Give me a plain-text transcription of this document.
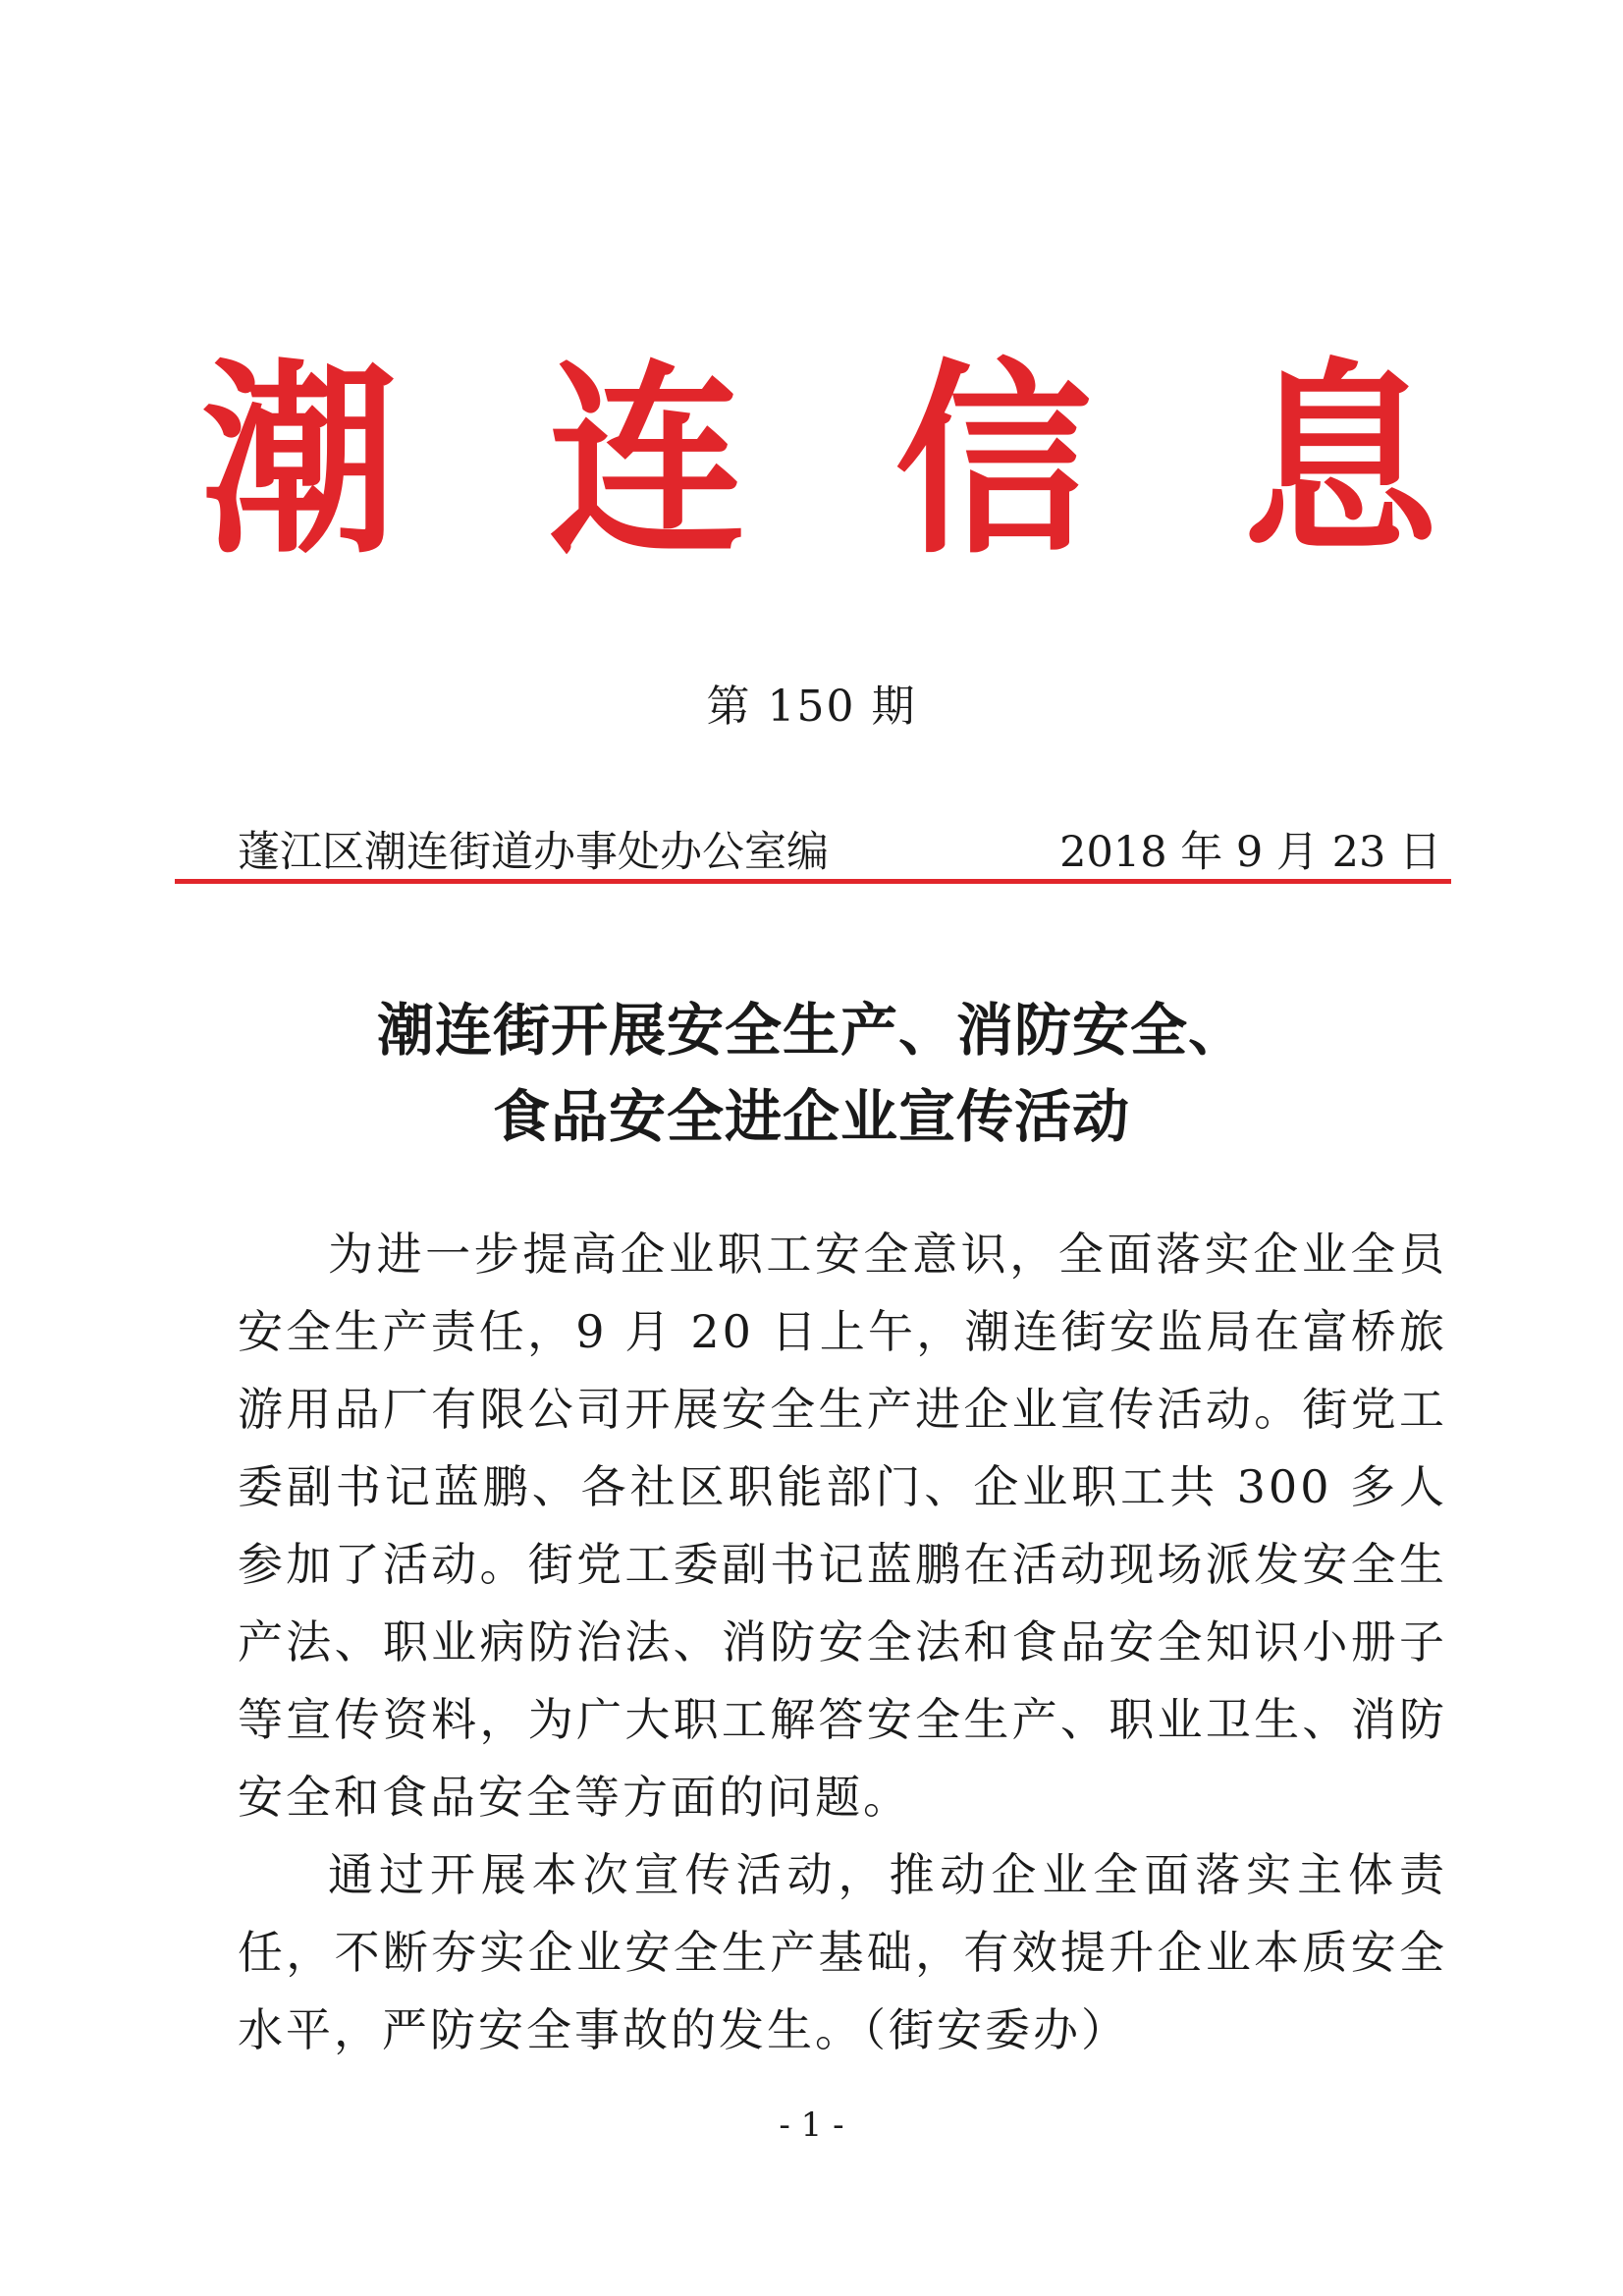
潮 连 信 息
第 150 期
蓬江区潮连街道办事处办公室编	2018 年 9 月 23 日
潮连街开展安全生产、消防安全、
食品安全进企业宣传活动

为进一步提高企业职工安全意识，全面落实企业全员安全生产责任，9 月 20 日上午，潮连街安监局在富桥旅游用品厂有限公司开展安全生产进企业宣传活动。街党工委副书记蓝鹏、各社区职能部门、企业职工共 300 多人参加了活动。街党工委副书记蓝鹏在活动现场派发安全生产法、职业病防治法、消防安全法和食品安全知识小册子等宣传资料，为广大职工解答安全生产、职业卫生、消防安全和食品安全等方面的问题。

通过开展本次宣传活动，推动企业全面落实主体责任，不断夯实企业安全生产基础，有效提升企业本质安全水平，严防安全事故的发生。（街安委办）

- 1 -
